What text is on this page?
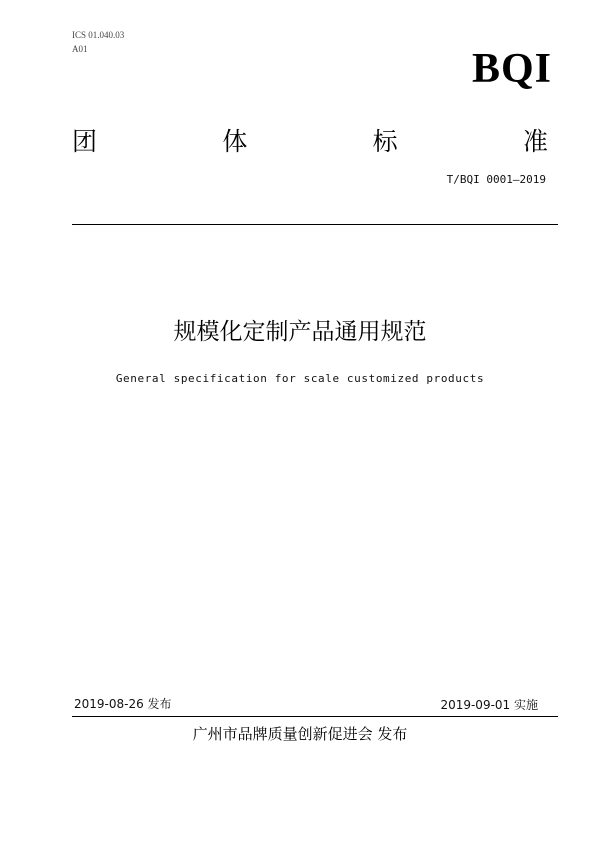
ICS 01.040.03
A01	BQI
团	体	标	准
T/BQI 0001—2019
规模化定制产品通用规范
General specification for scale customized products
2019-08-26 发布	2019-09-01 实施
广州市品牌质量创新促进会 发布
